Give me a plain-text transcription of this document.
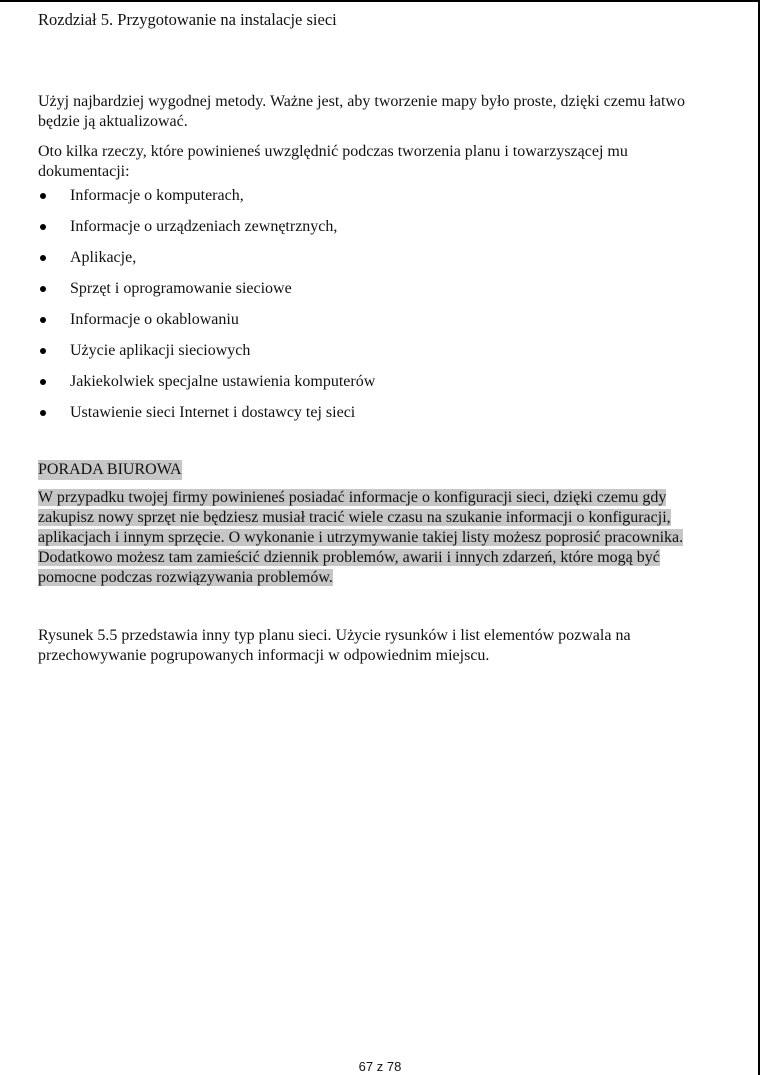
Rozdział 5. Przygotowanie na instalacje sieci

Użyj najbardziej wygodnej metody. Ważne jest, aby tworzenie mapy było proste, dzięki czemu łatwo będzie ją aktualizować.

Oto kilka rzeczy, które powinieneś uwzględnić podczas tworzenia planu i towarzyszącej mu dokumentacji:

Informacje o komputerach,
Informacje o urządzeniach zewnętrznych,
Aplikacje,
Sprzęt i oprogramowanie sieciowe
Informacje o okablowaniu
Użycie aplikacji sieciowych
Jakiekolwiek specjalne ustawienia komputerów
Ustawienie sieci Internet i dostawcy tej sieci
PORADA BIUROWA

W przypadku twojej firmy powinieneś posiadać informacje o konfiguracji sieci, dzięki czemu gdy zakupisz nowy sprzęt nie będziesz musiał tracić wiele czasu na szukanie informacji o konfiguracji, aplikacjach i innym sprzęcie. O wykonanie i utrzymywanie takiej listy możesz poprosić pracownika. Dodatkowo możesz tam zamieścić dziennik problemów, awarii i innych zdarzeń, które mogą być pomocne podczas rozwiązywania problemów.

Rysunek 5.5 przedstawia inny typ planu sieci. Użycie rysunków i list elementów pozwala na przechowywanie pogrupowanych informacji w odpowiednim miejscu.

67 z 78
